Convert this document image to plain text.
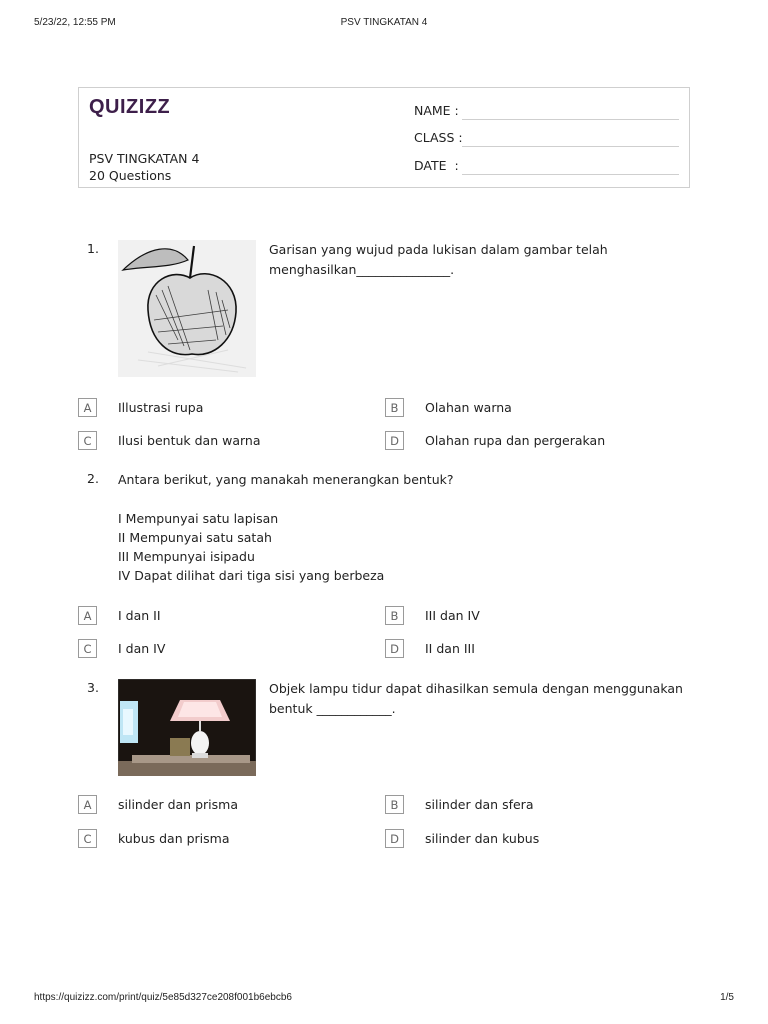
5/23/22, 12:55 PM	PSV TINGKATAN 4
QUIZIZZ
PSV TINGKATAN 4
20 Questions
NAME :
CLASS :
DATE  :
1.	Garisan yang wujud pada lukisan dalam gambar telah menghasilkan_______________.
A	Illustrasi rupa	B	Olahan warna
C	Ilusi bentuk dan warna	D	Olahan rupa dan pergerakan
2. Antara berikut, yang manakah menerangkan bentuk?
I Mempunyai satu lapisan
II Mempunyai satu satah
III Mempunyai isipadu
IV Dapat dilihat dari tiga sisi yang berbeza
A	I dan II	B	III dan IV
C	I dan IV	D	II dan III
3.	Objek lampu tidur dapat dihasilkan semula dengan menggunakan bentuk ____________.
A	silinder dan prisma	B	silinder dan sfera
C	kubus dan prisma	D	silinder dan kubus
https://quizizz.com/print/quiz/5e85d327ce208f001b6ebcb6	1/5
